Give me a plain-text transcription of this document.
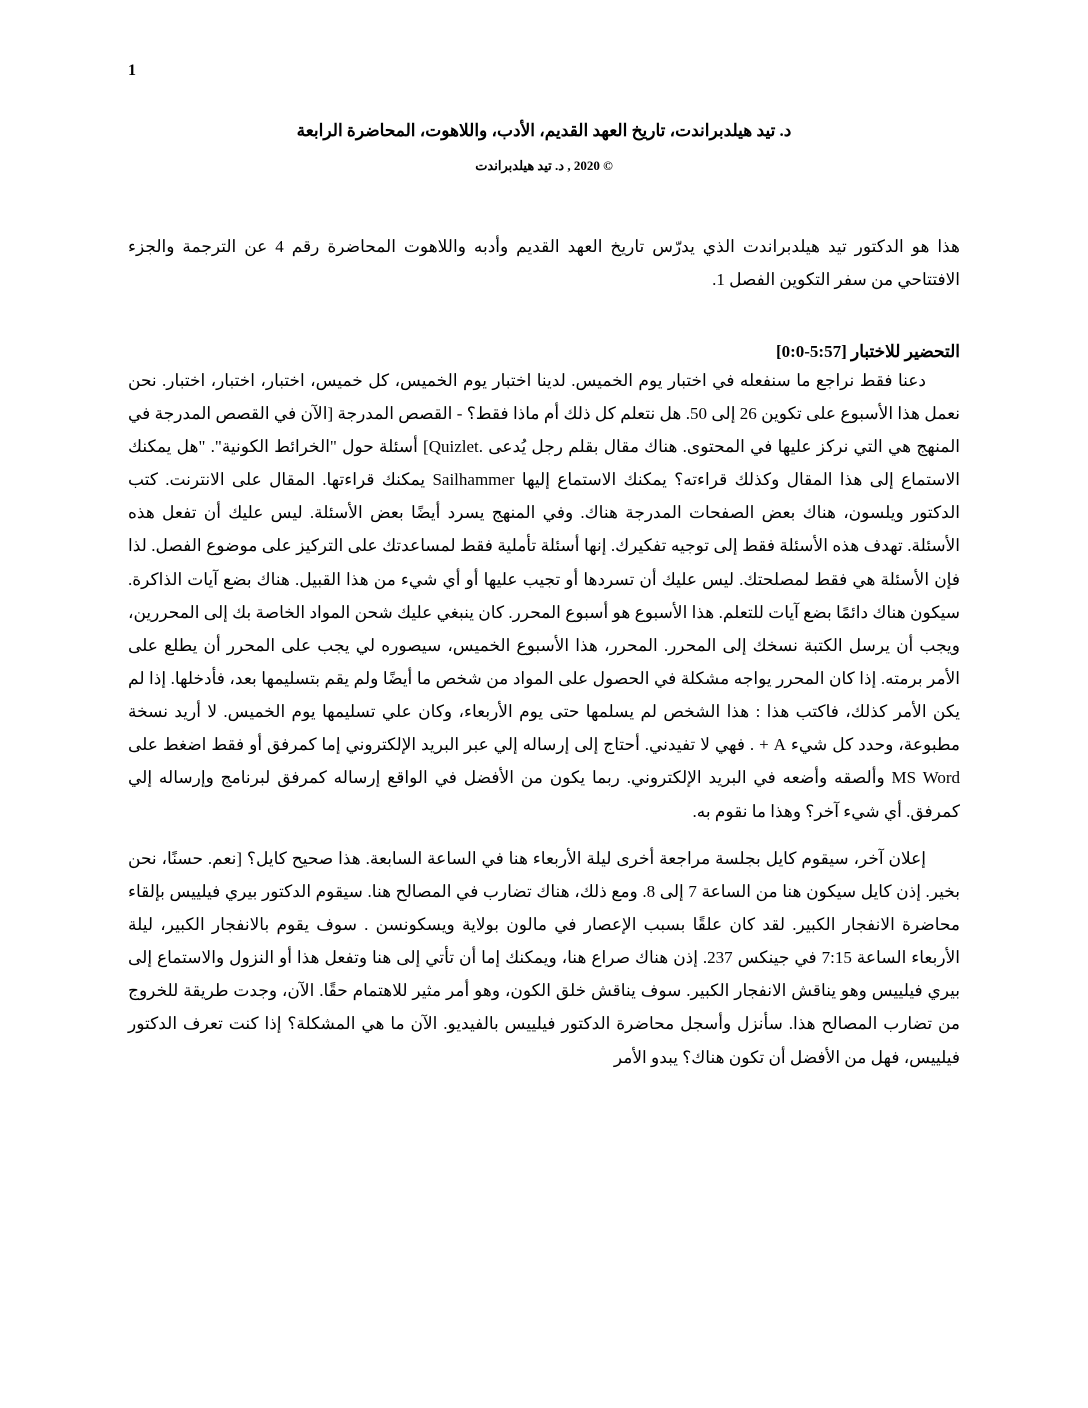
1
د. تيد هيلدبراندت، تاريخ العهد القديم، الأدب، واللاهوت، المحاضرة الرابعة
© 2020 , د. تيد هيلدبراندت

هذا هو الدكتور تيد هيلدبراندت الذي يدرّس تاريخ العهد القديم وأدبه واللاهوت المحاضرة رقم 4 عن الترجمة والجزء الافتتاحي من سفر التكوين الفصل 1.

التحضير للاختبار [0:0-5:57]

دعنا فقط نراجع ما سنفعله في اختبار يوم الخميس. لدينا اختبار يوم الخميس، كل خميس، اختبار، اختبار، اختبار. نحن نعمل هذا الأسبوع على تكوين 26 إلى 50. هل نتعلم كل ذلك أم ماذا فقط؟ - القصص المدرجة [الآن في القصص المدرجة في المنهج هي التي نركز عليها في المحتوى. هناك مقال بقلم رجل يُدعى .Quizlet] أسئلة حول "الخرائط الكونية". "هل يمكنك الاستماع إلى هذا المقال وكذلك قراءته؟ يمكنك الاستماع إليها Sailhammer يمكنك قراءتها. المقال على الانترنت. كتب الدكتور ويلسون، هناك بعض الصفحات المدرجة هناك. وفي المنهج يسرد أيضًا بعض الأسئلة. ليس عليك أن تفعل هذه الأسئلة. تهدف هذه الأسئلة فقط إلى توجيه تفكيرك. إنها أسئلة تأملية فقط لمساعدتك على التركيز على موضوع الفصل. لذا فإن الأسئلة هي فقط لمصلحتك. ليس عليك أن تسردها أو تجيب عليها أو أي شيء من هذا القبيل. هناك بضع آيات الذاكرة. سيكون هناك دائمًا بضع آيات للتعلم. هذا الأسبوع هو أسبوع المحرر. كان ينبغي عليك شحن المواد الخاصة بك إلى المحررين، ويجب أن يرسل الكتبة نسخك إلى المحرر. المحرر، هذا الأسبوع الخميس، سيصوره لي يجب على المحرر أن يطلع على الأمر برمته. إذا كان المحرر يواجه مشكلة في الحصول على المواد من شخص ما أيضًا ولم يقم بتسليمها بعد، فأدخلها. إذا لم يكن الأمر كذلك، فاكتب هذا : هذا الشخص لم يسلمها حتى يوم الأربعاء، وكان علي تسليمها يوم الخميس. لا أريد نسخة مطبوعة، وحدد كل شيء A + . فهي لا تفيدني. أحتاج إلى إرساله إلي عبر البريد الإلكتروني إما كمرفق أو فقط اضغط على MS Word وألصقه وأضعه في البريد الإلكتروني. ربما يكون من الأفضل في الواقع إرساله كمرفق لبرنامج وإرساله إلي كمرفق. أي شيء آخر؟ وهذا ما نقوم به.

إعلان آخر، سيقوم كايل بجلسة مراجعة أخرى ليلة الأربعاء هنا في الساعة السابعة. هذا صحيح كايل؟ [نعم. حسنًا، نحن بخير. إذن كايل سيكون هنا من الساعة 7 إلى 8. ومع ذلك، هناك تضارب في المصالح هنا. سيقوم الدكتور بيري فيلييس بإلقاء محاضرة الانفجار الكبير. لقد كان علقًا بسبب الإعصار في مالون بولاية ويسكونسن . سوف يقوم بالانفجار الكبير، ليلة الأربعاء الساعة 7:15 في جينكس 237. إذن هناك صراع هنا، ويمكنك إما أن تأتي إلى هنا وتفعل هذا أو النزول والاستماع إلى بيري فيلييس وهو يناقش الانفجار الكبير. سوف يناقش خلق الكون، وهو أمر مثير للاهتمام حقًا. الآن، وجدت طريقة للخروج من تضارب المصالح هذا. سأنزل وأسجل محاضرة الدكتور فيلييس بالفيديو. الآن ما هي المشكلة؟ إذا كنت تعرف الدكتور فيلييس، فهل من الأفضل أن تكون هناك؟ يبدو الأمر
